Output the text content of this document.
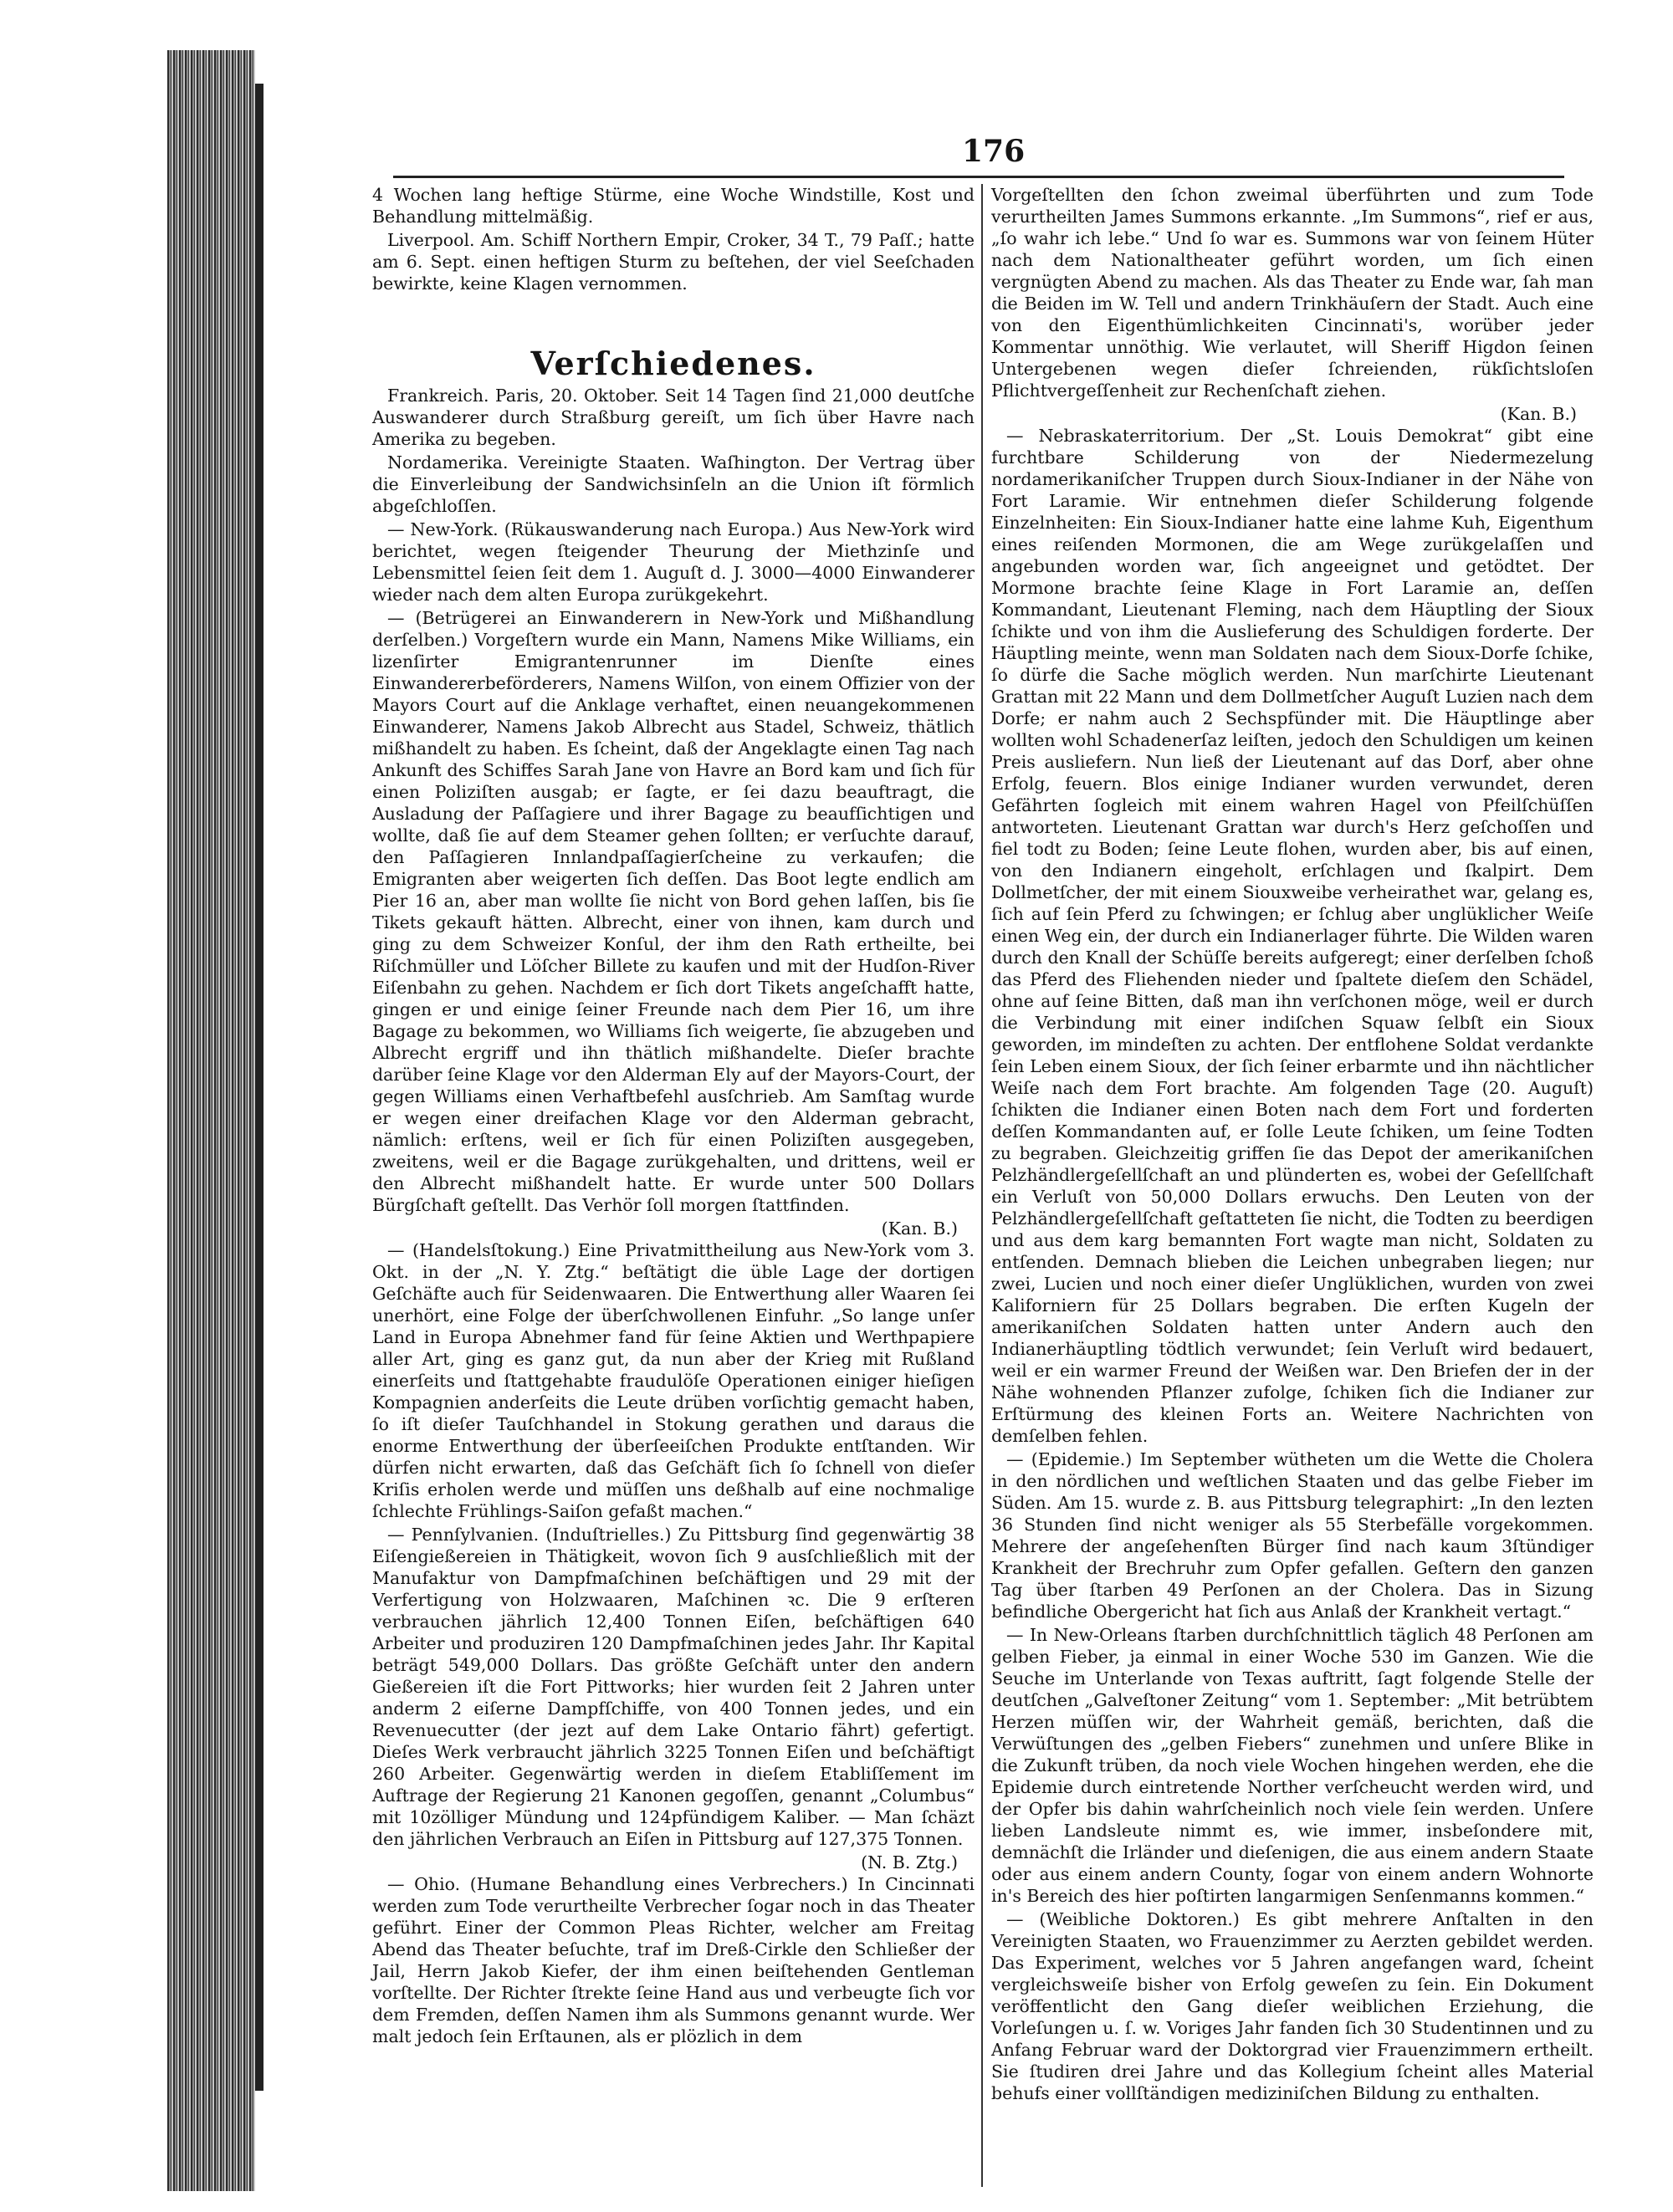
176

4 Wochen lang heftige Stürme, eine Woche Windstille, Kost und Behandlung mittelmäßig.

Liverpool. Am. Schiff Northern Empir, Croker, 34 T., 79 Paſſ.; hatte am 6. Sept. einen heftigen Sturm zu beſtehen, der viel Seeſchaden bewirkte, keine Klagen vernommen.

Verſchiedenes.

Frankreich. Paris, 20. Oktober. Seit 14 Tagen ſind 21,000 deutſche Auswanderer durch Straßburg gereiſt, um ſich über Havre nach Amerika zu begeben.

Nordamerika. Vereinigte Staaten. Waſhington. Der Vertrag über die Einverleibung der Sandwichsinſeln an die Union iſt förmlich abgeſchloſſen.

— New-York. (Rükauswanderung nach Europa.) Aus New-York wird berichtet, wegen ſteigender Theurung der Miethzinſe und Lebensmittel ſeien ſeit dem 1. Auguſt d. J. 3000—4000 Einwanderer wieder nach dem alten Europa zurükgekehrt.

— (Betrügerei an Einwanderern in New-York und Mißhandlung derſelben.) Vorgeſtern wurde ein Mann, Namens Mike Williams, ein lizenſirter Emigrantenrunner im Dienſte eines Einwandererbeförderers, Namens Wilſon, von einem Offizier von der Mayors Court auf die Anklage verhaftet, einen neuangekommenen Einwanderer, Namens Jakob Albrecht aus Stadel, Schweiz, thätlich mißhandelt zu haben. Es ſcheint, daß der Angeklagte einen Tag nach Ankunft des Schiffes Sarah Jane von Havre an Bord kam und ſich für einen Poliziſten ausgab; er ſagte, er ſei dazu beauftragt, die Ausladung der Paſſagiere und ihrer Bagage zu beaufſichtigen und wollte, daß ſie auf dem Steamer gehen ſollten; er verſuchte darauf, den Paſſagieren Innlandpaſſagierſcheine zu verkaufen; die Emigranten aber weigerten ſich deſſen. Das Boot legte endlich am Pier 16 an, aber man wollte ſie nicht von Bord gehen laſſen, bis ſie Tikets gekauft hätten. Albrecht, einer von ihnen, kam durch und ging zu dem Schweizer Konſul, der ihm den Rath ertheilte, bei Riſchmüller und Löſcher Billete zu kaufen und mit der Hudſon-River Eiſenbahn zu gehen. Nachdem er ſich dort Tikets angeſchafft hatte, gingen er und einige ſeiner Freunde nach dem Pier 16, um ihre Bagage zu bekommen, wo Williams ſich weigerte, ſie abzugeben und Albrecht ergriff und ihn thätlich mißhandelte. Dieſer brachte darüber ſeine Klage vor den Alderman Ely auf der Mayors-Court, der gegen Williams einen Verhaftbefehl ausſchrieb. Am Samſtag wurde er wegen einer dreifachen Klage vor den Alderman gebracht, nämlich: erſtens, weil er ſich für einen Poliziſten ausgegeben, zweitens, weil er die Bagage zurükgehalten, und drittens, weil er den Albrecht mißhandelt hatte. Er wurde unter 500 Dollars Bürgſchaft geſtellt. Das Verhör ſoll morgen ſtattfinden.

(Kan. B.)

— (Handelsſtokung.) Eine Privatmittheilung aus New-York vom 3. Okt. in der „N. Y. Ztg.“ beſtätigt die üble Lage der dortigen Geſchäfte auch für Seidenwaaren. Die Entwerthung aller Waaren ſei unerhört, eine Folge der überſchwollenen Einfuhr. „So lange unſer Land in Europa Abnehmer fand für ſeine Aktien und Werthpapiere aller Art, ging es ganz gut, da nun aber der Krieg mit Rußland einerſeits und ſtattgehabte fraudulöſe Operationen einiger hieſigen Kompagnien anderſeits die Leute drüben vorſichtig gemacht haben, ſo iſt dieſer Tauſchhandel in Stokung gerathen und daraus die enorme Entwerthung der überſeeiſchen Produkte entſtanden. Wir dürfen nicht erwarten, daß das Geſchäft ſich ſo ſchnell von dieſer Kriſis erholen werde und müſſen uns deßhalb auf eine nochmalige ſchlechte Frühlings-Saiſon gefaßt machen.“

— Pennſylvanien. (Induſtrielles.) Zu Pittsburg ſind gegenwärtig 38 Eiſengießereien in Thätigkeit, wovon ſich 9 ausſchließlich mit der Manufaktur von Dampfmaſchinen beſchäftigen und 29 mit der Verfertigung von Holzwaaren, Maſchinen ꝛc. Die 9 erſteren verbrauchen jährlich 12,400 Tonnen Eiſen, beſchäftigen 640 Arbeiter und produziren 120 Dampfmaſchinen jedes Jahr. Ihr Kapital beträgt 549,000 Dollars. Das größte Geſchäft unter den andern Gießereien iſt die Fort Pittworks; hier wurden ſeit 2 Jahren unter anderm 2 eiſerne Dampfſchiffe, von 400 Tonnen jedes, und ein Revenuecutter (der jezt auf dem Lake Ontario fährt) gefertigt. Dieſes Werk verbraucht jährlich 3225 Tonnen Eiſen und beſchäftigt 260 Arbeiter. Gegenwärtig werden in dieſem Etabliſſement im Auftrage der Regierung 21 Kanonen gegoſſen, genannt „Columbus“ mit 10zölliger Mündung und 124pfündigem Kaliber. — Man ſchäzt den jährlichen Verbrauch an Eiſen in Pittsburg auf 127,375 Tonnen.

(N. B. Ztg.)

— Ohio. (Humane Behandlung eines Verbrechers.) In Cincinnati werden zum Tode verurtheilte Verbrecher ſogar noch in das Theater geführt. Einer der Common Pleas Richter, welcher am Freitag Abend das Theater beſuchte, traf im Dreß-Cirkle den Schließer der Jail, Herrn Jakob Kiefer, der ihm einen beiſtehenden Gentleman vorſtellte. Der Richter ſtrekte ſeine Hand aus und verbeugte ſich vor dem Fremden, deſſen Namen ihm als Summons genannt wurde. Wer malt jedoch ſein Erſtaunen, als er plözlich in dem

Vorgeſtellten den ſchon zweimal überführten und zum Tode verurtheilten James Summons erkannte. „Im Summons“, rief er aus, „ſo wahr ich lebe.“ Und ſo war es. Summons war von ſeinem Hüter nach dem Nationaltheater geführt worden, um ſich einen vergnügten Abend zu machen. Als das Theater zu Ende war, ſah man die Beiden im W. Tell und andern Trinkhäuſern der Stadt. Auch eine von den Eigenthümlichkeiten Cincinnati's, worüber jeder Kommentar unnöthig. Wie verlautet, will Sheriff Higdon ſeinen Untergebenen wegen dieſer ſchreienden, rükſichtsloſen Pflichtvergeſſenheit zur Rechenſchaft ziehen.

(Kan. B.)

— Nebraskaterritorium. Der „St. Louis Demokrat“ gibt eine furchtbare Schilderung von der Niedermezelung nordamerikaniſcher Truppen durch Sioux-Indianer in der Nähe von Fort Laramie. Wir entnehmen dieſer Schilderung folgende Einzelnheiten: Ein Sioux-Indianer hatte eine lahme Kuh, Eigenthum eines reiſenden Mormonen, die am Wege zurükgelaſſen und angebunden worden war, ſich angeeignet und getödtet. Der Mormone brachte ſeine Klage in Fort Laramie an, deſſen Kommandant, Lieutenant Fleming, nach dem Häuptling der Sioux ſchikte und von ihm die Auslieferung des Schuldigen forderte. Der Häuptling meinte, wenn man Soldaten nach dem Sioux-Dorfe ſchike, ſo dürfe die Sache möglich werden. Nun marſchirte Lieutenant Grattan mit 22 Mann und dem Dollmetſcher Auguſt Luzien nach dem Dorfe; er nahm auch 2 Sechspfünder mit. Die Häuptlinge aber wollten wohl Schadenerſaz leiſten, jedoch den Schuldigen um keinen Preis ausliefern. Nun ließ der Lieutenant auf das Dorf, aber ohne Erfolg, feuern. Blos einige Indianer wurden verwundet, deren Gefährten ſogleich mit einem wahren Hagel von Pfeilſchüſſen antworteten. Lieutenant Grattan war durch's Herz geſchoſſen und fiel todt zu Boden; ſeine Leute flohen, wurden aber, bis auf einen, von den Indianern eingeholt, erſchlagen und ſkalpirt. Dem Dollmetſcher, der mit einem Siouxweibe verheirathet war, gelang es, ſich auf ſein Pferd zu ſchwingen; er ſchlug aber unglüklicher Weiſe einen Weg ein, der durch ein Indianerlager führte. Die Wilden waren durch den Knall der Schüſſe bereits aufgeregt; einer derſelben ſchoß das Pferd des Fliehenden nieder und ſpaltete dieſem den Schädel, ohne auf ſeine Bitten, daß man ihn verſchonen möge, weil er durch die Verbindung mit einer indiſchen Squaw ſelbſt ein Sioux geworden, im mindeſten zu achten. Der entflohene Soldat verdankte ſein Leben einem Sioux, der ſich ſeiner erbarmte und ihn nächtlicher Weiſe nach dem Fort brachte. Am folgenden Tage (20. Auguſt) ſchikten die Indianer einen Boten nach dem Fort und forderten deſſen Kommandanten auf, er ſolle Leute ſchiken, um ſeine Todten zu begraben. Gleichzeitig griffen ſie das Depot der amerikaniſchen Pelzhändlergeſellſchaft an und plünderten es, wobei der Geſellſchaft ein Verluſt von 50,000 Dollars erwuchs. Den Leuten von der Pelzhändlergeſellſchaft geſtatteten ſie nicht, die Todten zu beerdigen und aus dem karg bemannten Fort wagte man nicht, Soldaten zu entſenden. Demnach blieben die Leichen unbegraben liegen; nur zwei, Lucien und noch einer dieſer Unglüklichen, wurden von zwei Kaliforniern für 25 Dollars begraben. Die erſten Kugeln der amerikaniſchen Soldaten hatten unter Andern auch den Indianerhäuptling tödtlich verwundet; ſein Verluſt wird bedauert, weil er ein warmer Freund der Weißen war. Den Briefen der in der Nähe wohnenden Pflanzer zufolge, ſchiken ſich die Indianer zur Erſtürmung des kleinen Forts an. Weitere Nachrichten von demſelben fehlen.

— (Epidemie.) Im September wütheten um die Wette die Cholera in den nördlichen und weſtlichen Staaten und das gelbe Fieber im Süden. Am 15. wurde z. B. aus Pittsburg telegraphirt: „In den lezten 36 Stunden ſind nicht weniger als 55 Sterbefälle vorgekommen. Mehrere der angeſehenſten Bürger ſind nach kaum 3ſtündiger Krankheit der Brechruhr zum Opfer gefallen. Geſtern den ganzen Tag über ſtarben 49 Perſonen an der Cholera. Das in Sizung befindliche Obergericht hat ſich aus Anlaß der Krankheit vertagt.“

— In New-Orleans ſtarben durchſchnittlich täglich 48 Perſonen am gelben Fieber, ja einmal in einer Woche 530 im Ganzen. Wie die Seuche im Unterlande von Texas auftritt, ſagt folgende Stelle der deutſchen „Galveſtoner Zeitung“ vom 1. September: „Mit betrübtem Herzen müſſen wir, der Wahrheit gemäß, berichten, daß die Verwüſtungen des „gelben Fiebers“ zunehmen und unſere Blike in die Zukunft trüben, da noch viele Wochen hingehen werden, ehe die Epidemie durch eintretende Norther verſcheucht werden wird, und der Opfer bis dahin wahrſcheinlich noch viele ſein werden. Unſere lieben Landsleute nimmt es, wie immer, insbeſondere mit, demnächſt die Irländer und dieſenigen, die aus einem andern Staate oder aus einem andern County, ſogar von einem andern Wohnorte in's Bereich des hier poſtirten langarmigen Senſenmanns kommen.“

— (Weibliche Doktoren.) Es gibt mehrere Anſtalten in den Vereinigten Staaten, wo Frauenzimmer zu Aerzten gebildet werden. Das Experiment, welches vor 5 Jahren angefangen ward, ſcheint vergleichsweiſe bisher von Erfolg geweſen zu ſein. Ein Dokument veröffentlicht den Gang dieſer weiblichen Erziehung, die Vorleſungen u. ſ. w. Voriges Jahr fanden ſich 30 Studentinnen und zu Anfang Februar ward der Doktorgrad vier Frauenzimmern ertheilt. Sie ſtudiren drei Jahre und das Kollegium ſcheint alles Material behufs einer vollſtändigen mediziniſchen Bildung zu enthalten.
